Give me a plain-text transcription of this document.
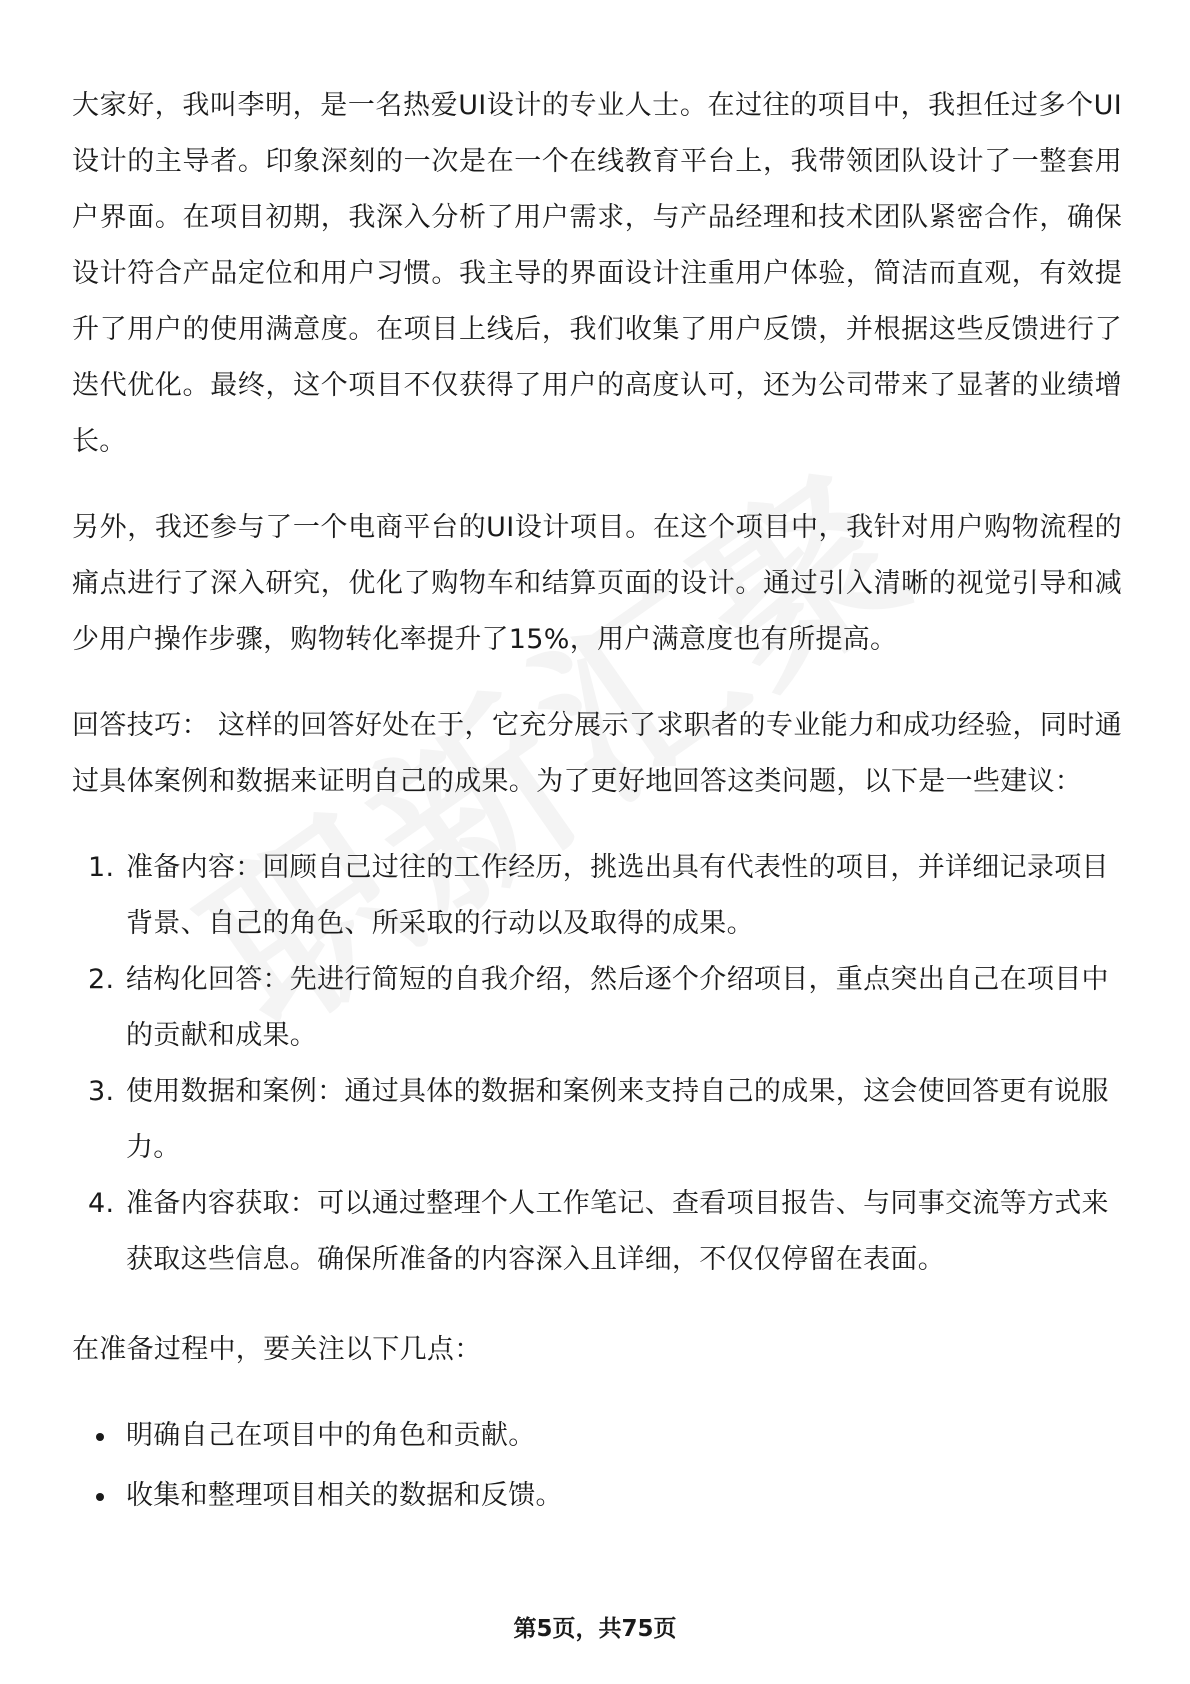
大家好，我叫李明，是一名热爱UI设计的专业人士。在过往的项目中，我担任过多个UI设计的主导者。印象深刻的一次是在一个在线教育平台上，我带领团队设计了一整套用户界面。在项目初期，我深入分析了用户需求，与产品经理和技术团队紧密合作，确保设计符合产品定位和用户习惯。我主导的界面设计注重用户体验，简洁而直观，有效提升了用户的使用满意度。在项目上线后，我们收集了用户反馈，并根据这些反馈进行了迭代优化。最终，这个项目不仅获得了用户的高度认可，还为公司带来了显著的业绩增长。

另外，我还参与了一个电商平台的UI设计项目。在这个项目中，我针对用户购物流程的痛点进行了深入研究，优化了购物车和结算页面的设计。通过引入清晰的视觉引导和减少用户操作步骤，购物转化率提升了15%，用户满意度也有所提高。

回答技巧： 这样的回答好处在于，它充分展示了求职者的专业能力和成功经验，同时通过具体案例和数据来证明自己的成果。为了更好地回答这类问题，以下是一些建议：

1. 准备内容：回顾自己过往的工作经历，挑选出具有代表性的项目，并详细记录项目背景、自己的角色、所采取的行动以及取得的成果。
2. 结构化回答：先进行简短的自我介绍，然后逐个介绍项目，重点突出自己在项目中的贡献和成果。
3. 使用数据和案例：通过具体的数据和案例来支持自己的成果，这会使回答更有说服力。
4. 准备内容获取：可以通过整理个人工作笔记、查看项目报告、与同事交流等方式来获取这些信息。确保所准备的内容深入且详细，不仅仅停留在表面。

在准备过程中，要关注以下几点：

明确自己在项目中的角色和贡献。
收集和整理项目相关的数据和反馈。
第5页，共75页
